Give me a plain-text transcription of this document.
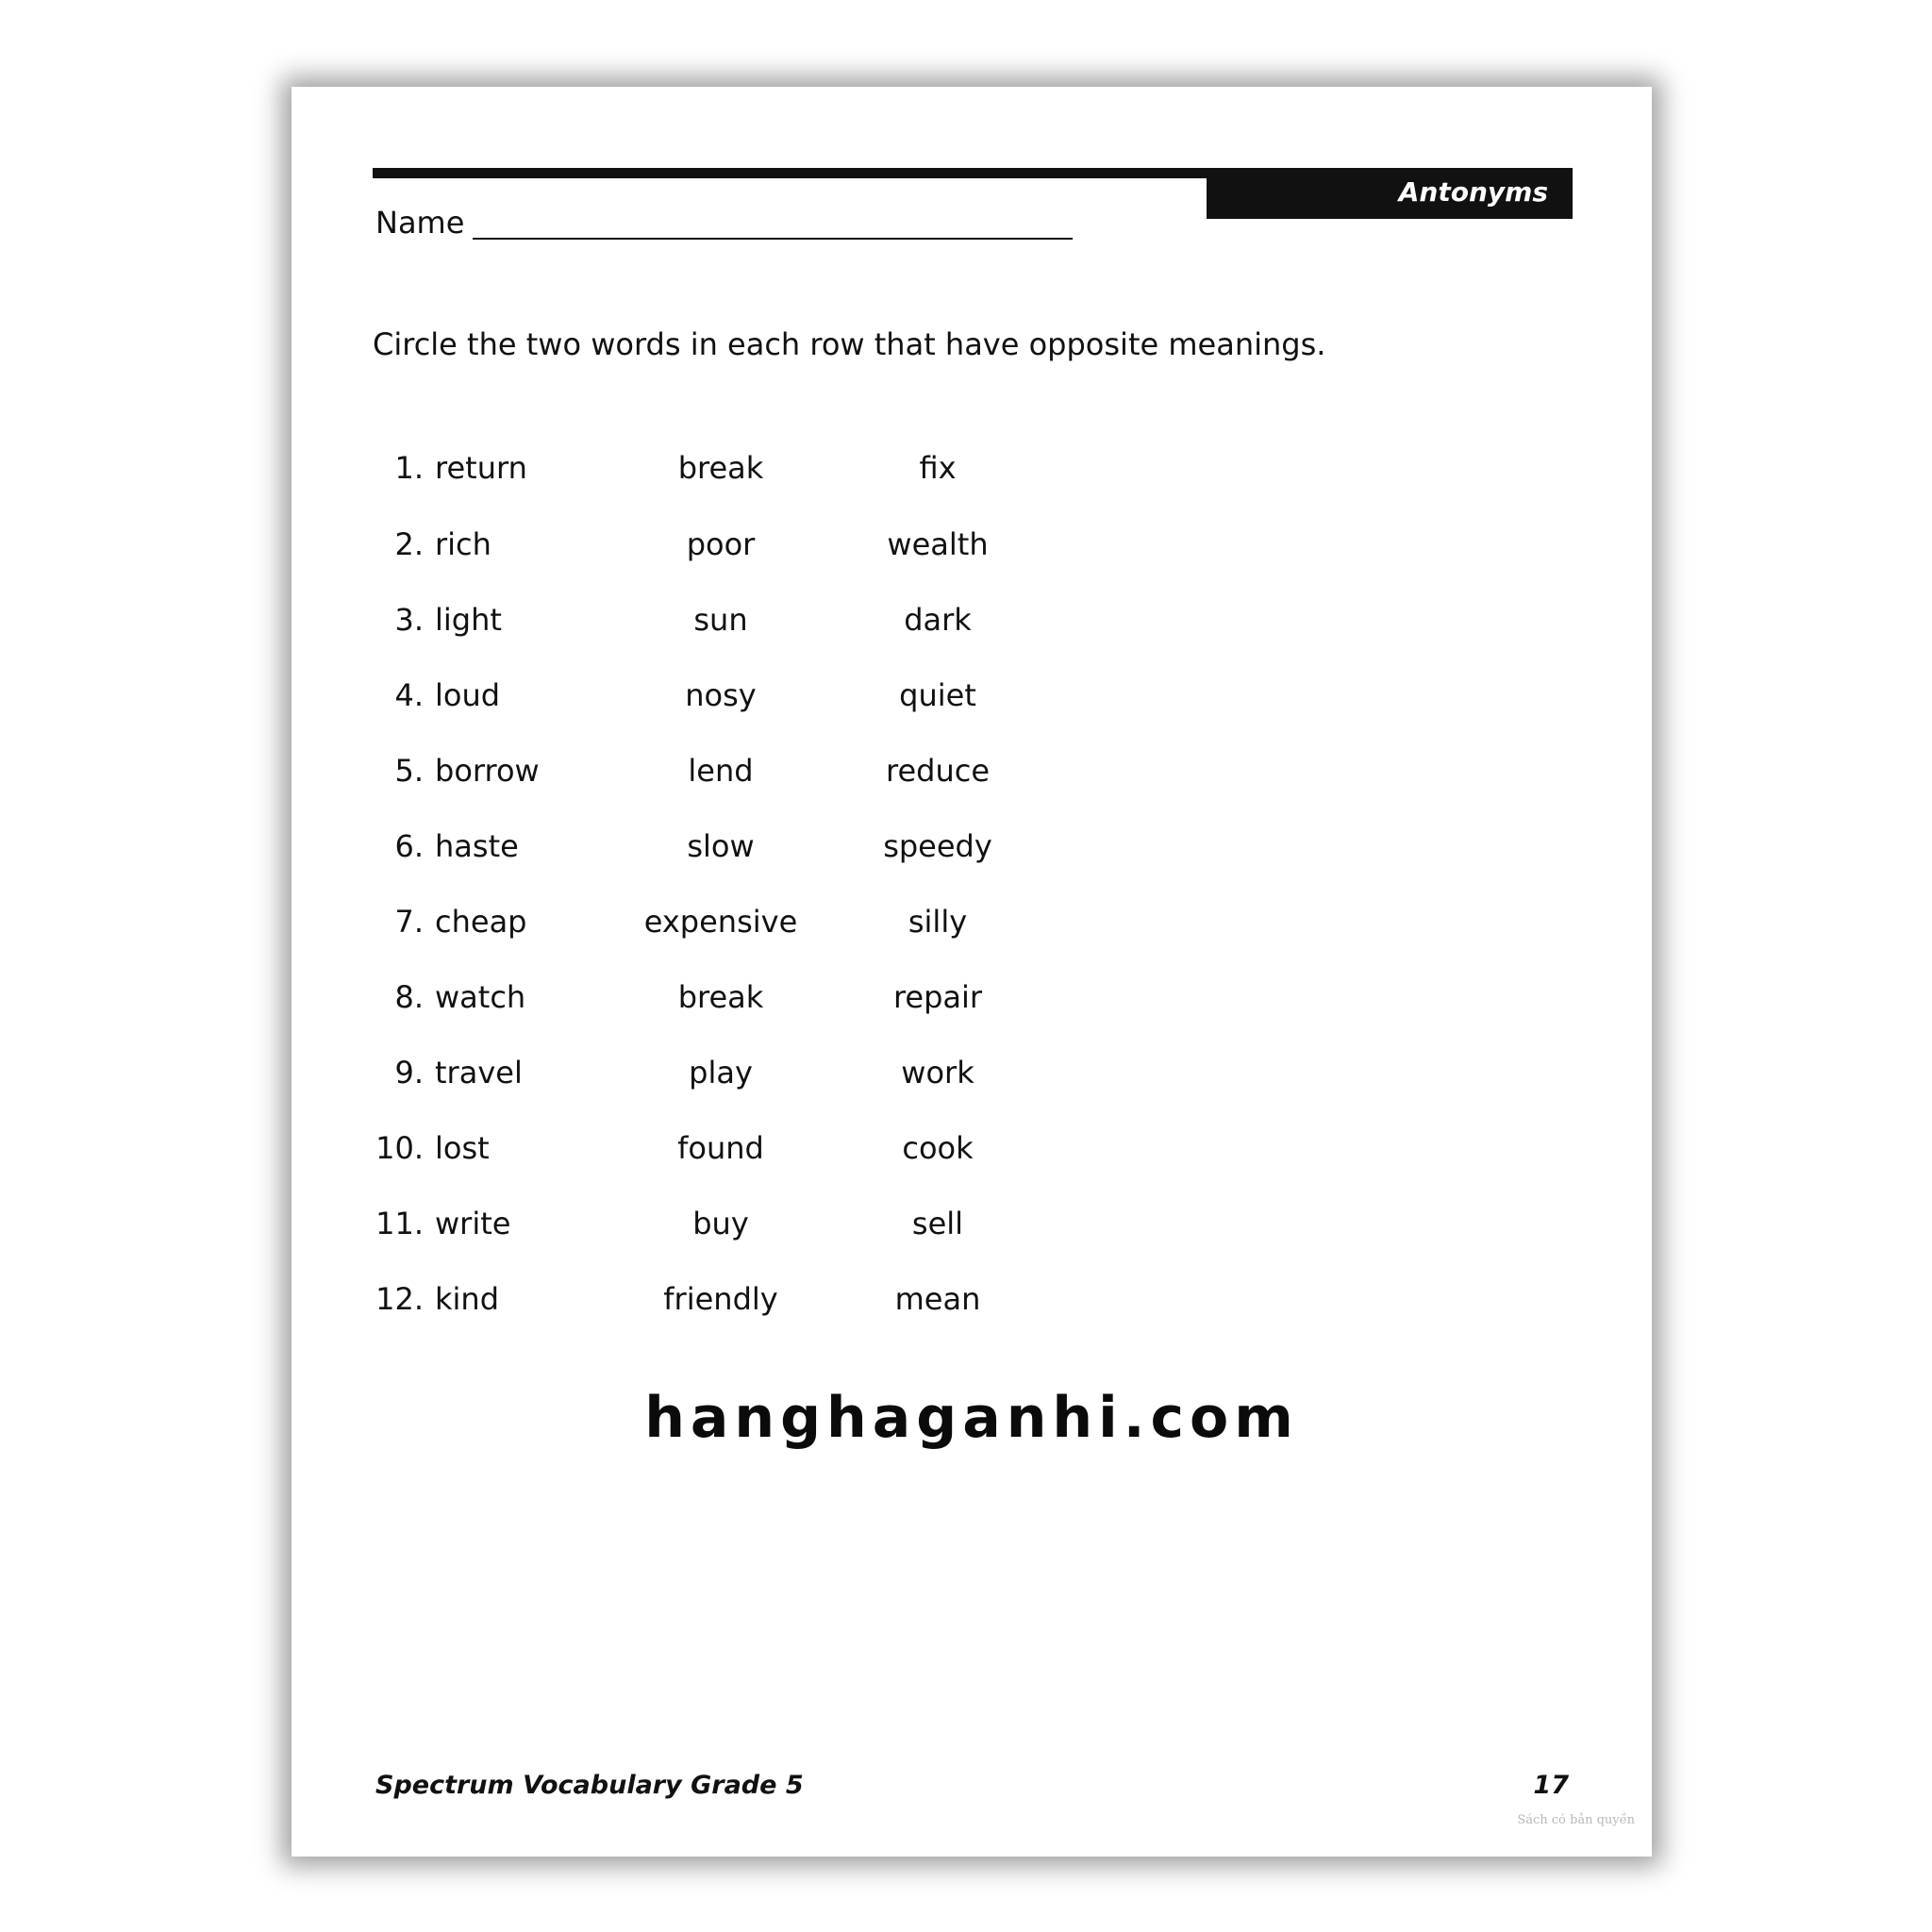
Antonyms
Name
Circle the two words in each row that have opposite meanings.
1. return	break	fix
2. rich	poor	wealth
3. light	sun	dark
4. loud	nosy	quiet
5. borrow	lend	reduce
6. haste	slow	speedy
7. cheap	expensive	silly
8. watch	break	repair
9. travel	play	work
10. lost	found	cook
11. write	buy	sell
12. kind	friendly	mean
hanghaganhi.com
Spectrum Vocabulary Grade 5	17
Sách có bản quyền
